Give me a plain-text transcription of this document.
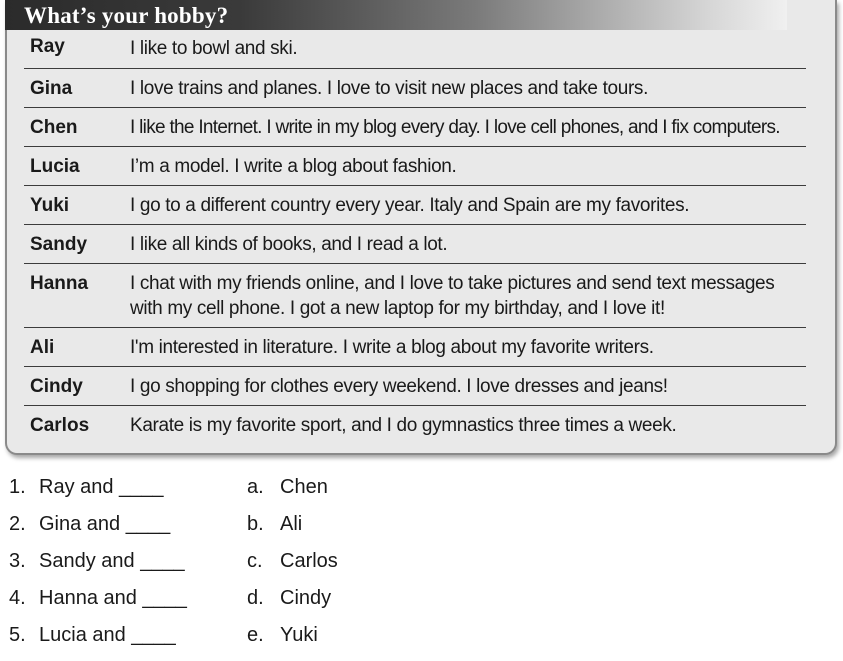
What’s your hobby?
Ray	I like to bowl and ski.
Gina	I love trains and planes. I love to visit new places and take tours.
Chen	I like the Internet. I write in my blog every day. I love cell phones, and I fix computers.
Lucia	I’m a model. I write a blog about fashion.
Yuki	I go to a different country every year. Italy and Spain are my favorites.
Sandy	I like all kinds of books, and I read a lot.
Hanna	I chat with my friends online, and I love to take pictures and send text messages
with my cell phone. I got a new laptop for my birthday, and I love it!
Ali	I'm interested in literature. I write a blog about my favorite writers.
Cindy	I go shopping for clothes every weekend. I love dresses and jeans!
Carlos	Karate is my favorite sport, and I do gymnastics three times a week.
1. Ray and ____	a. Chen
2. Gina and ____	b. Ali
3. Sandy and ____	c. Carlos
4. Hanna and ____	d. Cindy
5. Lucia and ____	e. Yuki
